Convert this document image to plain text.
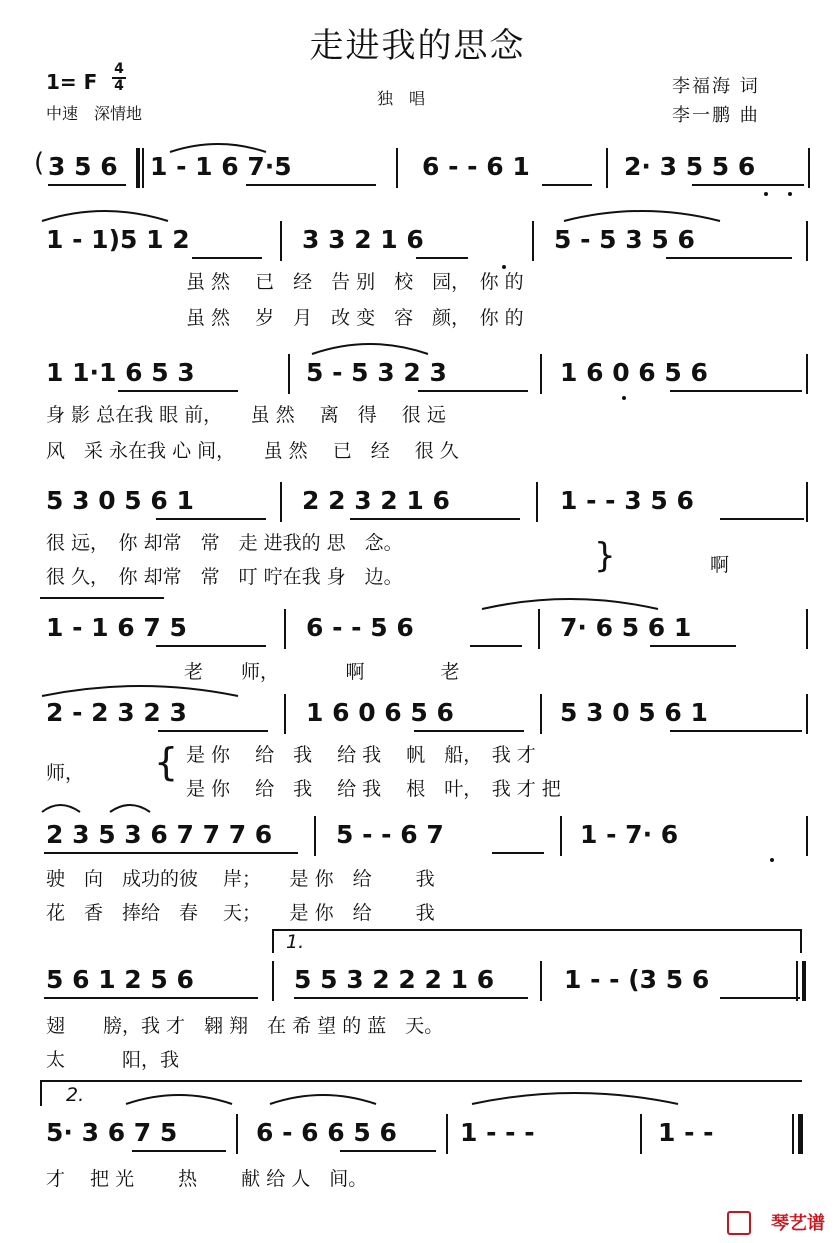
走进我的思念
1= F $\frac{4}{4}$
中速　深情地
独　唱
李福海 词
李一鹏 曲
( 3 5 6 1 - 1 6 7·5	6 - - 6 1	2· 3 5 5 6
1 - 1)5 1 2	3 3 2 1 6	5 - 5 3 5 6
虽 然　 已　经　告 别　校　园，　你 的
虽 然　 岁　月　改 变　容　颜，　你 的
1 1·1 6 5 3	5 - 5 3 2 3	1 6 0 6 5 6
身 影 总在我 眼 前，　　虽 然　 离　得　 很 远
风　采 永在我 心 间，　　虽 然　 已　经　 很 久
5 3 0 5 6 1	2 2 3 2 1 6	1 - - 3 5 6
很 远，　你 却常　常　走 进我的 思　念。
很 久，　你 却常　常　叮 咛在我 身　边。
}	啊
1 - 1 6 7 5	6 - - 5 6	7· 6 5 6 1
老　　师，　　　　啊　　　　老
2 - 2 3 2 3	1 6 0 6 5 6	5 3 0 5 6 1
师， { 是 你　 给　我　 给 我　 帆　船，　我 才
是 你　 给　我　 给 我　 根　叶，　我 才 把
2 3 5 3 6 7 7 7 6	5 - - 6 7	1 - 7· 6
驶　向　成功的彼　 岸；　　是 你　给　　 我
花　香　捧给　春　 天；　　是 你　给　　 我
1.
5 6 1 2 5 6	5 5 3 2 2 2 1 6	1 - - (3 5 6
翅　　膀，我 才　翱 翔　在 希 望 的 蓝　天。
太　　　阳，我
2.
5· 3 6 7 5	6 - 6 6 5 6	1 - - -	1 - -
才　 把 光　　 热　　 献 给 人　间。
琴艺谱
